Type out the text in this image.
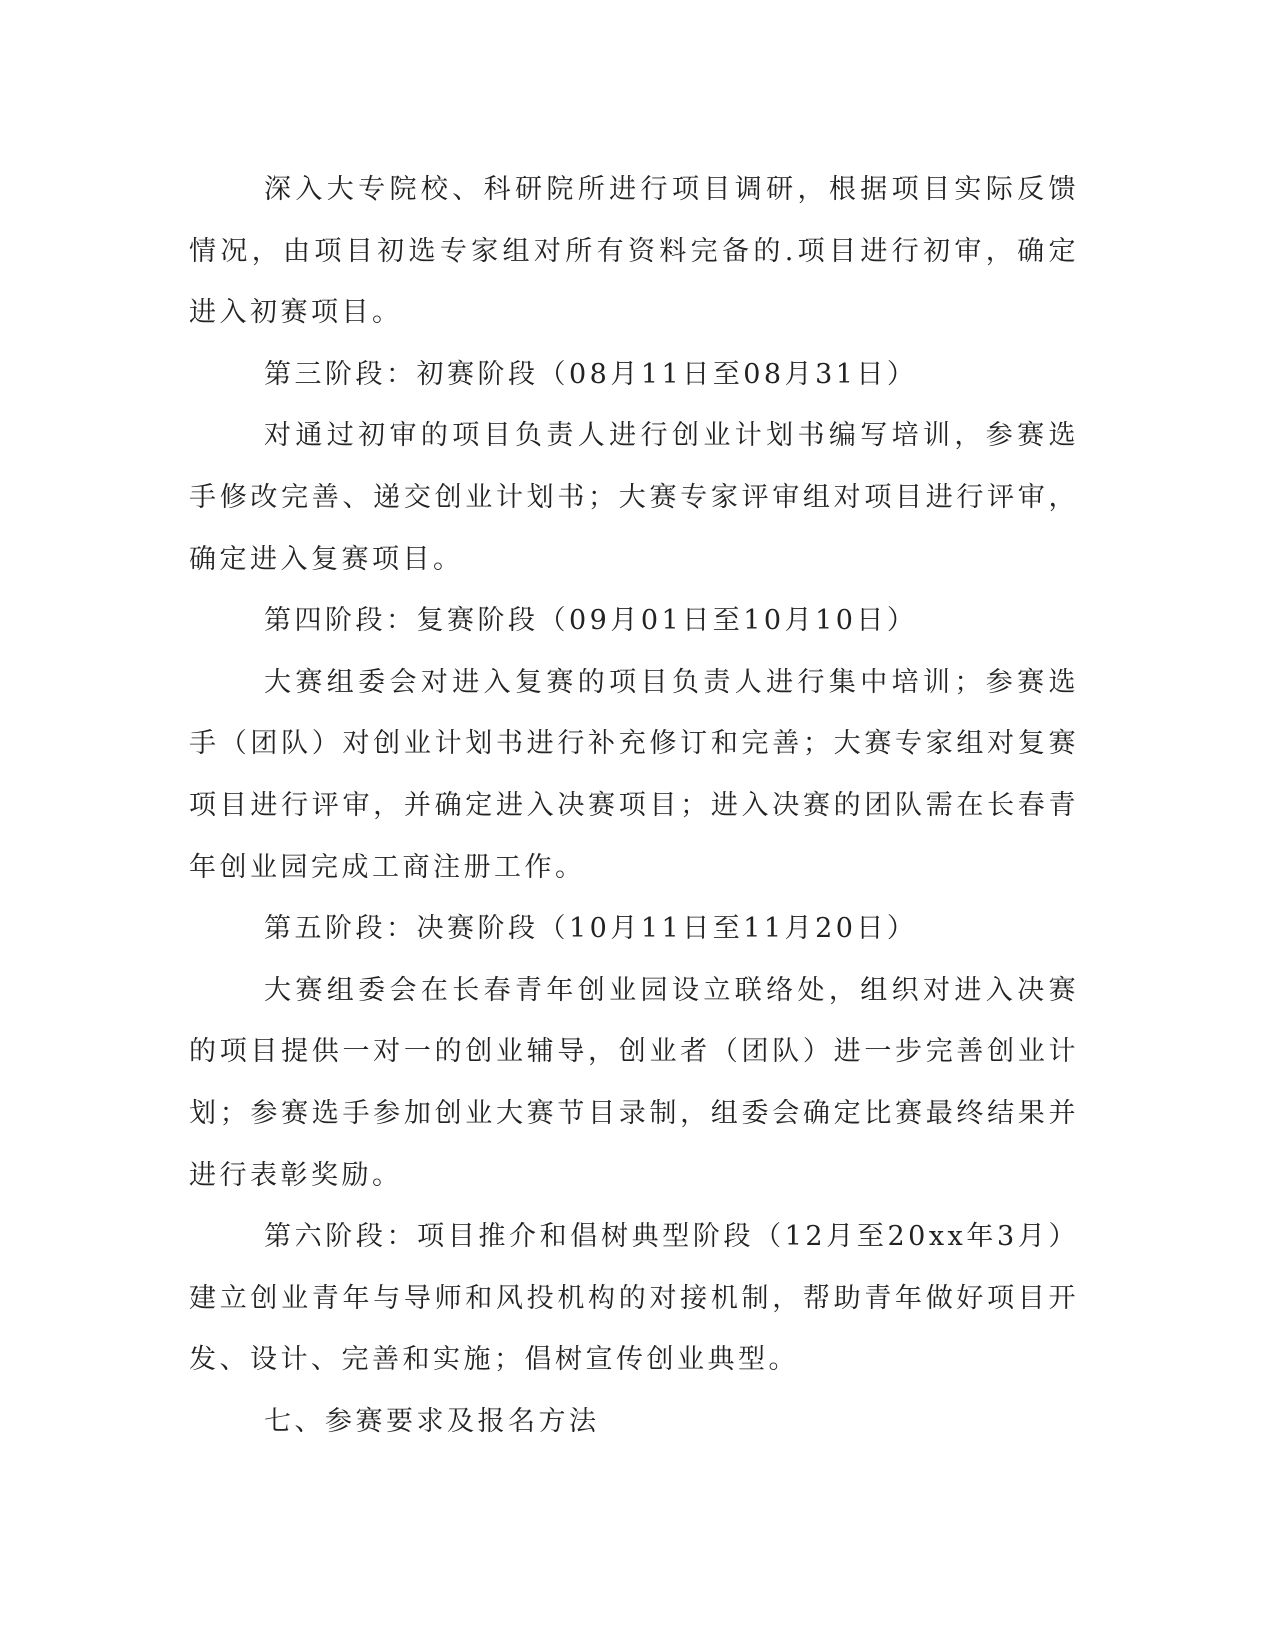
深入大专院校、科研院所进行项目调研，根据项目实际反馈情况，由项目初选专家组对所有资料完备的.项目进行初审，确定进入初赛项目。

第三阶段：初赛阶段（08月11日至08月31日）

对通过初审的项目负责人进行创业计划书编写培训，参赛选手修改完善、递交创业计划书；大赛专家评审组对项目进行评审，确定进入复赛项目。

第四阶段：复赛阶段（09月01日至10月10日）

大赛组委会对进入复赛的项目负责人进行集中培训；参赛选手（团队）对创业计划书进行补充修订和完善；大赛专家组对复赛项目进行评审，并确定进入决赛项目；进入决赛的团队需在长春青年创业园完成工商注册工作。

第五阶段：决赛阶段（10月11日至11月20日）

大赛组委会在长春青年创业园设立联络处，组织对进入决赛的项目提供一对一的创业辅导，创业者（团队）进一步完善创业计划；参赛选手参加创业大赛节目录制，组委会确定比赛最终结果并进行表彰奖励。

第六阶段：项目推介和倡树典型阶段（12月至20xx年3月）建立创业青年与导师和风投机构的对接机制，帮助青年做好项目开发、设计、完善和实施；倡树宣传创业典型。

七、参赛要求及报名方法
